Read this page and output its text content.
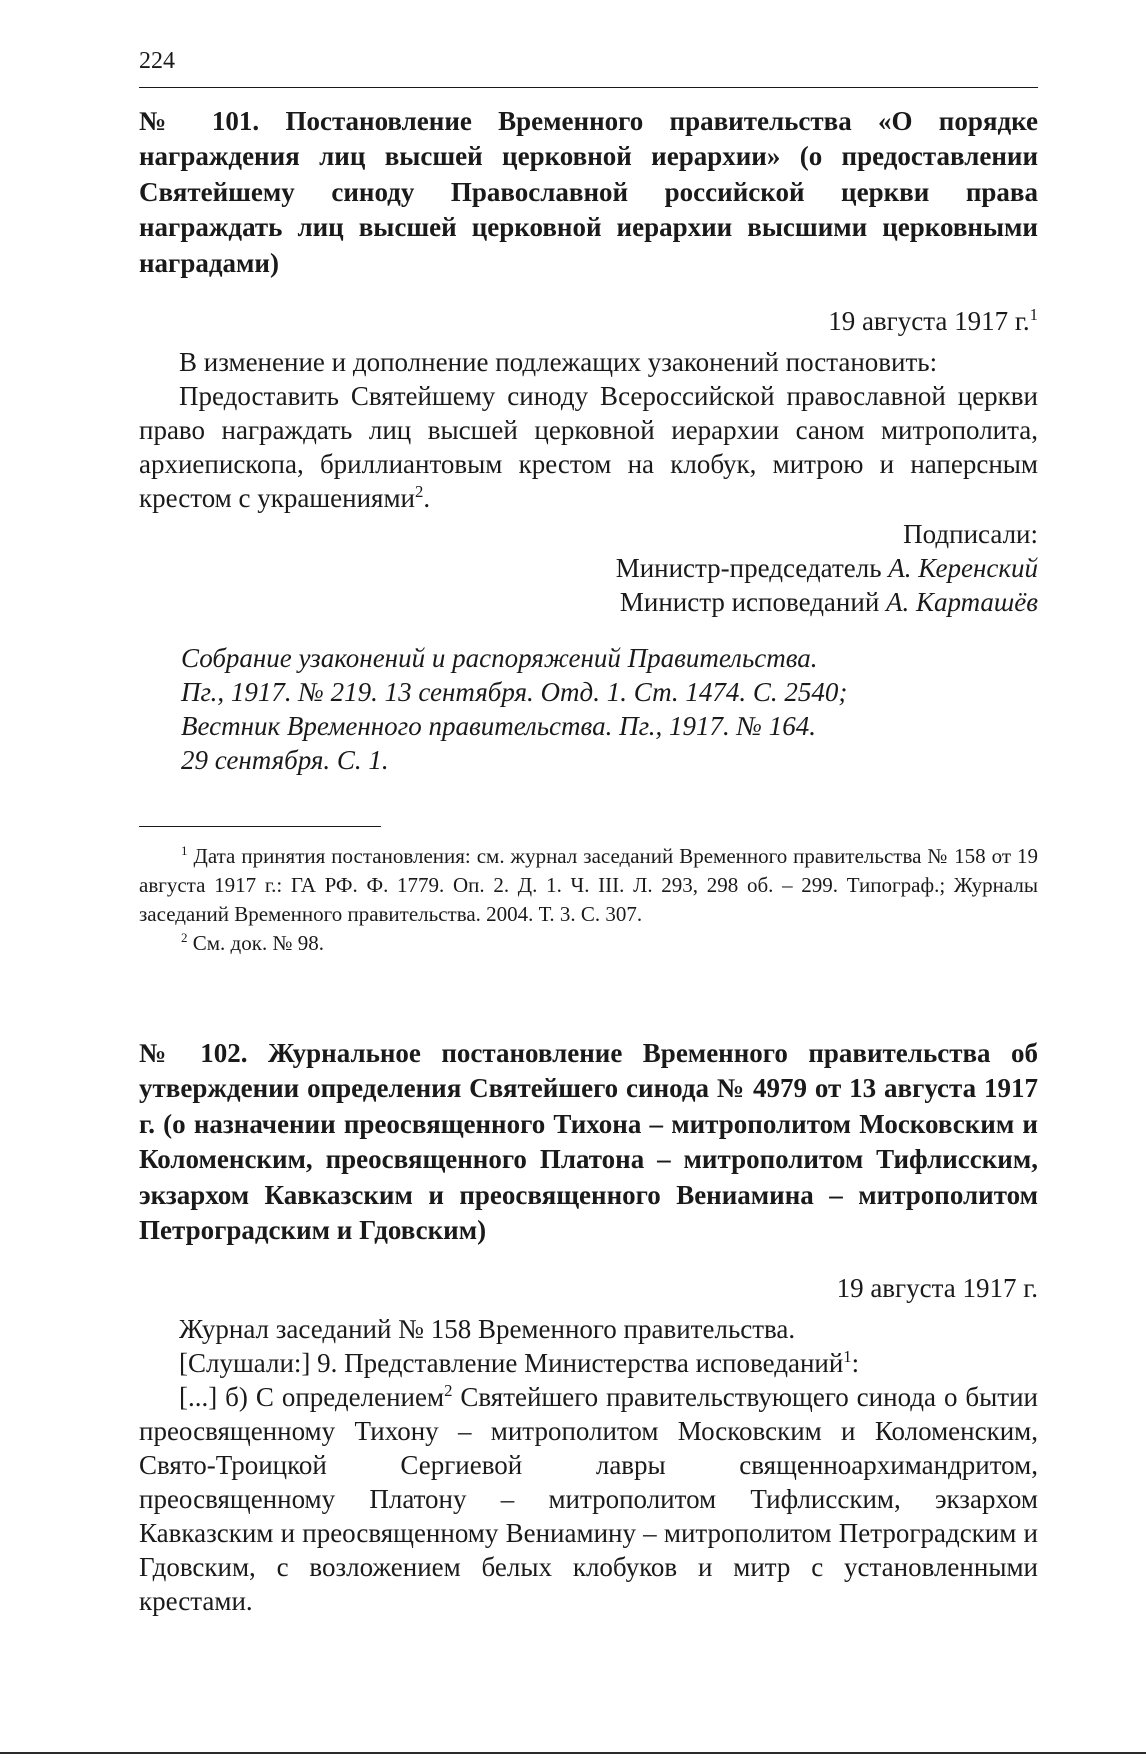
224

№ 101. Постановление Временного правительства «О порядке награждения лиц высшей церковной иерархии» (о предоставлении Святейшему синоду Православной российской церкви права награждать лиц высшей церковной иерархии высшими церковными наградами)

19 августа 1917 г.$^1$

В изменение и дополнение подлежащих узаконений постановить:

Предоставить Святейшему синоду Всероссийской православной церкви право награждать лиц высшей церковной иерархии саном митрополита, архиепископа, бриллиантовым крестом на клобук, митрою и наперсным крестом с украшениями$^2$.

Подписали:
Министр-председатель А. Керенский
Министр исповеданий А. Карташёв
Собрание узаконений и распоряжений Правительства.
Пг., 1917. № 219. 13 сентября. Отд. 1. Ст. 1474. С. 2540;
Вестник Временного правительства. Пг., 1917. № 164.
29 сентября. С. 1.

$^1$ Дата принятия постановления: см. журнал заседаний Временного правительства № 158 от 19 августа 1917 г.: ГА РФ. Ф. 1779. Оп. 2. Д. 1. Ч. III. Л. 293, 298 об. – 299. Типограф.; Журналы заседаний Временного правительства. 2004. Т. 3. С. 307.

$^2$ См. док. № 98.

№ 102. Журнальное постановление Временного правительства об утверждении определения Святейшего синода № 4979 от 13 августа 1917 г. (о назначении преосвященного Тихона – митрополитом Московским и Коломенским, преосвященного Платона – митрополитом Тифлисским, экзархом Кавказским и преосвященного Вениамина – митрополитом Петроградским и Гдовским)

19 августа 1917 г.

Журнал заседаний № 158 Временного правительства.

[Слушали:] 9. Представление Министерства исповеданий$^1$:

[...] б) С определением$^2$ Святейшего правительствующего синода о бытии преосвященному Тихону – митрополитом Московским и Коломенским, Свято-Троицкой Сергиевой лавры священноархимандритом, преосвященному Платону – митрополитом Тифлисским, экзархом Кавказским и преосвященному Вениамину – митрополитом Петроградским и Гдовским, с возложением белых клобуков и митр с установленными крестами.
